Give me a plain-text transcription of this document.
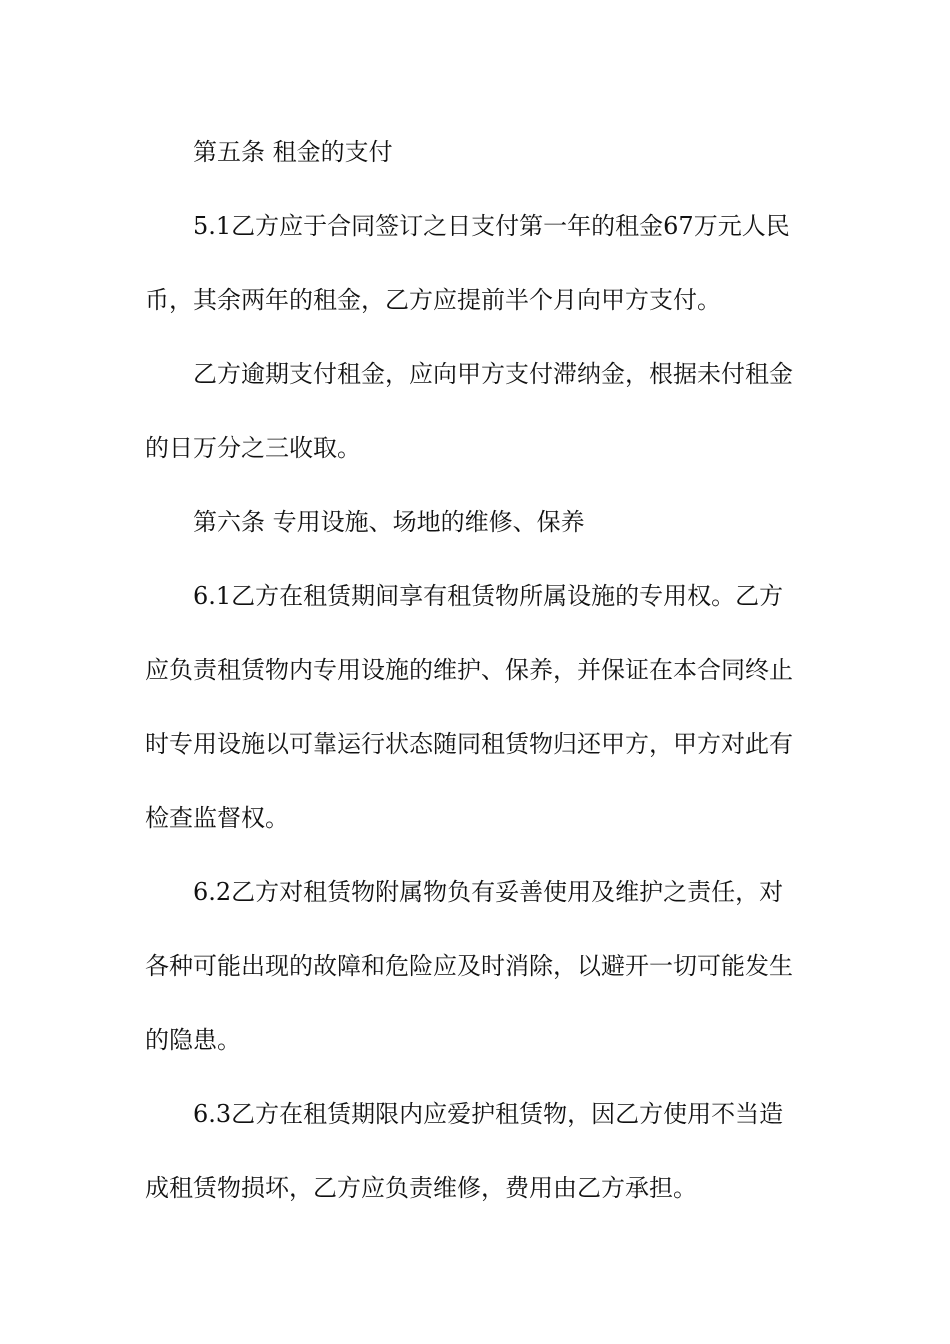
第五条 租金的支付
5.1乙方应于合同签订之日支付第一年的租金67万元人民
币，其余两年的租金，乙方应提前半个月向甲方支付。
乙方逾期支付租金，应向甲方支付滞纳金，根据未付租金
的日万分之三收取。
第六条 专用设施、场地的维修、保养
6.1乙方在租赁期间享有租赁物所属设施的专用权。乙方
应负责租赁物内专用设施的维护、保养，并保证在本合同终止
时专用设施以可靠运行状态随同租赁物归还甲方，甲方对此有
检查监督权。
6.2乙方对租赁物附属物负有妥善使用及维护之责任，对
各种可能出现的故障和危险应及时消除，以避开一切可能发生
的隐患。
6.3乙方在租赁期限内应爱护租赁物，因乙方使用不当造
成租赁物损坏，乙方应负责维修，费用由乙方承担。
